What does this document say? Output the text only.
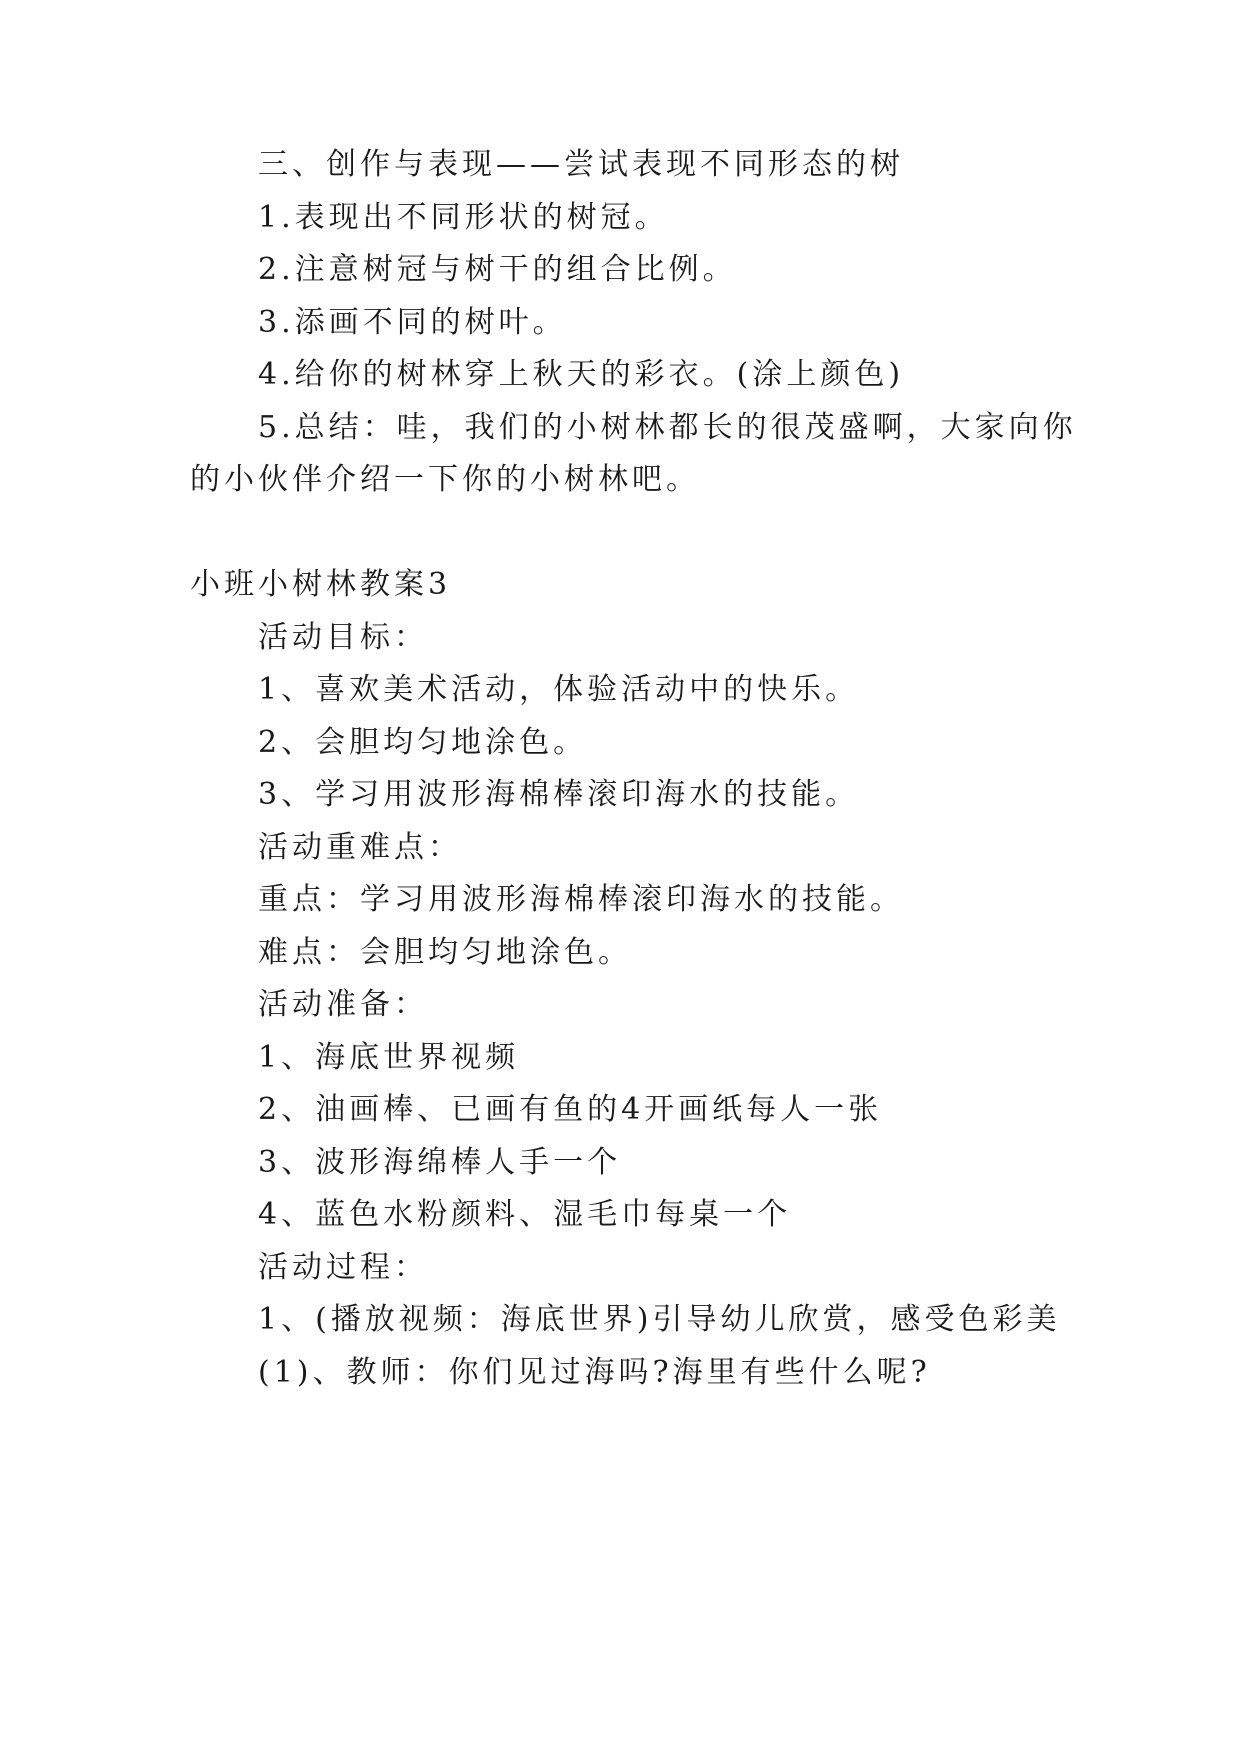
三、创作与表现——尝试表现不同形态的树
1.表现出不同形状的树冠。
2.注意树冠与树干的组合比例。
3.添画不同的树叶。
4.给你的树林穿上秋天的彩衣。(涂上颜色)
5.总结：哇，我们的小树林都长的很茂盛啊，大家向你
的小伙伴介绍一下你的小树林吧。
小班小树林教案3
活动目标：
1、喜欢美术活动，体验活动中的快乐。
2、会胆均匀地涂色。
3、学习用波形海棉棒滚印海水的技能。
活动重难点：
重点：学习用波形海棉棒滚印海水的技能。
难点：会胆均匀地涂色。
活动准备：
1、海底世界视频
2、油画棒、已画有鱼的4开画纸每人一张
3、波形海绵棒人手一个
4、蓝色水粉颜料、湿毛巾每桌一个
活动过程：
1、(播放视频：海底世界)引导幼儿欣赏，感受色彩美
(1)、教师：你们见过海吗?海里有些什么呢?
